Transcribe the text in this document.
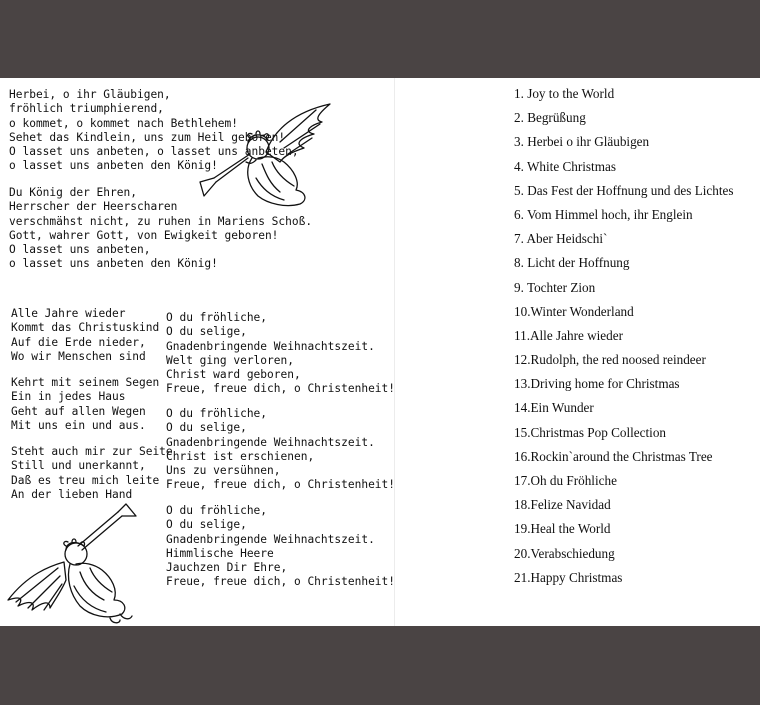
Herbei, o ihr Gläubigen,
fröhlich triumphierend,
o kommet, o kommet nach Bethlehem!
Sehet das Kindlein, uns zum Heil geboren!
O lasset uns anbeten, o lasset uns anbeten,
o lasset uns anbeten den König!
Du König der Ehren,
Herrscher der Heerscharen
verschmähst nicht, zu ruhen in Mariens Schoß.
Gott, wahrer Gott, von Ewigkeit geboren!
O lasset uns anbeten,
o lasset uns anbeten den König!
Alle Jahre wieder
Kommt das Christuskind
Auf die Erde nieder,
Wo wir Menschen sind
Kehrt mit seinem Segen
Ein in jedes Haus
Geht auf allen Wegen
Mit uns ein und aus.
Steht auch mir zur Seite
Still und unerkannt,
Daß es treu mich leite
An der lieben Hand
O du fröhliche,
O du selige,
Gnadenbringende Weihnachtszeit.
Welt ging verloren,
Christ ward geboren,
Freue, freue dich, o Christenheit!
O du fröhliche,
O du selige,
Gnadenbringende Weihnachtszeit.
Christ ist erschienen,
Uns zu versühnen,
Freue, freue dich, o Christenheit!
O du fröhliche,
O du selige,
Gnadenbringende Weihnachtszeit.
Himmlische Heere
Jauchzen Dir Ehre,
Freue, freue dich, o Christenheit!
1. Joy to the World
2. Begrüßung
3. Herbei o ihr Gläubigen
4. White Christmas
5. Das Fest der Hoffnung und des Lichtes
6. Vom Himmel hoch, ihr Englein
7. Aber Heidschi`
8. Licht der Hoffnung
9. Tochter Zion
10.Winter Wonderland
11.Alle Jahre wieder
12.Rudolph, the red noosed reindeer
13.Driving home for Christmas
14.Ein Wunder
15.Christmas Pop Collection
16.Rockin`around the Christmas Tree
17.Oh du Fröhliche
18.Felize Navidad
19.Heal the World
20.Verabschiedung
21.Happy Christmas
